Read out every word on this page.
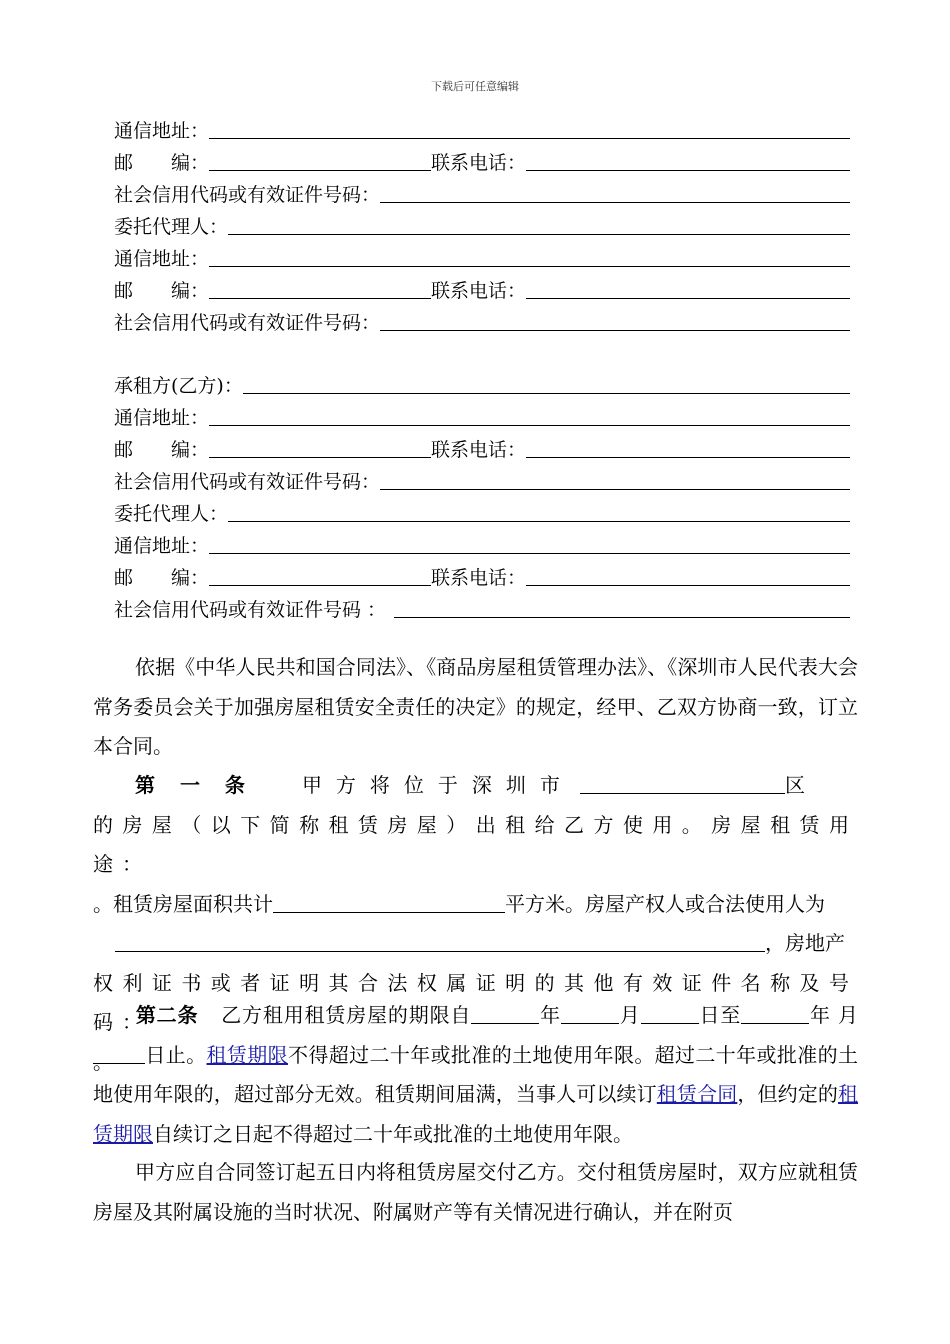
下载后可任意编辑
通信地址：
邮　　编：	联系电话：
社会信用代码或有效证件号码：
委托代理人：
通信地址：
邮　　编：	联系电话：
社会信用代码或有效证件号码：
承租方(乙方)：
通信地址：
邮　　编：	联系电话：
社会信用代码或有效证件号码：
委托代理人：
通信地址：
邮　　编：	联系电话：
社会信用代码或有效证件号码 ：

依据《中华人民共和国合同法》、《商品房屋租赁管理办法》、《深圳市人民代表大会常务委员会关于加强房屋租赁安全责任的决定》的规定，经甲、乙双方协商一致，订立本合同。

第 一 条 甲方将位于深圳市	区
的房屋（以下简称租赁房屋）出租给乙方使用。房屋租赁用途：
。租赁房屋面积共计	平方米。房屋产权人或合法使用人为
，房地产
权利证书或者证明其合法权属证明的其他有效证件名称及号码：
。

第二条 乙方租用租赁房屋的期限自	年	月	日至	年 月日止。租赁期限不得超过二十年或批准的土地使用年限。超过二十年或批准的土地使用年限的，超过部分无效。租赁期间届满，当事人可以续订租赁合同，但约定的租赁期限自续订之日起不得超过二十年或批准的土地使用年限。

甲方应自合同签订起五日内将租赁房屋交付乙方。交付租赁房屋时，双方应就租赁房屋及其附属设施的当时状况、附属财产等有关情况进行确认，并在附页
